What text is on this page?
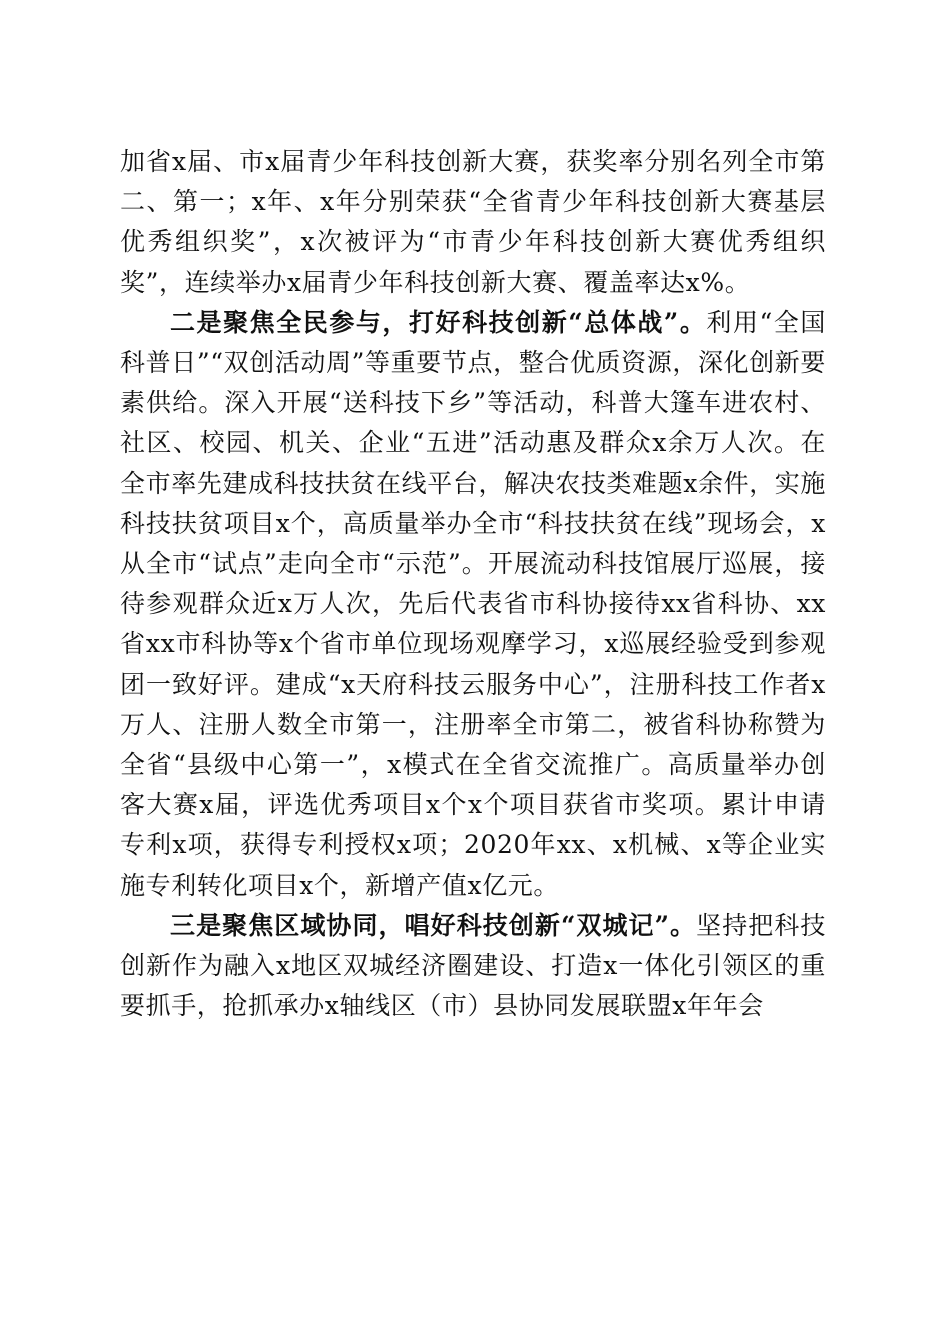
加省x届、市x届青少年科技创新大赛，获奖率分别名列全市第二、第一；x年、x年分别荣获“全省青少年科技创新大赛基层优秀组织奖”，x次被评为“市青少年科技创新大赛优秀组织奖”，连续举办x届青少年科技创新大赛、覆盖率达x%。

二是聚焦全民参与，打好科技创新“总体战”。利用“全国科普日”“双创活动周”等重要节点，整合优质资源，深化创新要素供给。深入开展“送科技下乡”等活动，科普大篷车进农村、社区、校园、机关、企业“五进”活动惠及群众x余万人次。在全市率先建成科技扶贫在线平台，解决农技类难题x余件，实施科技扶贫项目x个，高质量举办全市“科技扶贫在线”现场会，x从全市“试点”走向全市“示范”。开展流动科技馆展厅巡展，接待参观群众近x万人次，先后代表省市科协接待xx省科协、xx省xx市科协等x个省市单位现场观摩学习，x巡展经验受到参观团一致好评。建成“x天府科技云服务中心”，注册科技工作者x万人、注册人数全市第一，注册率全市第二，被省科协称赞为全省“县级中心第一”，x模式在全省交流推广。高质量举办创客大赛x届，评选优秀项目x个x个项目获省市奖项。累计申请专利x项，获得专利授权x项；2020年xx、x机械、x等企业实施专利转化项目x个，新增产值x亿元。

三是聚焦区域协同，唱好科技创新“双城记”。坚持把科技创新作为融入x地区双城经济圈建设、打造x一体化引领区的重要抓手，抢抓承办x轴线区（市）县协同发展联盟x年年会
